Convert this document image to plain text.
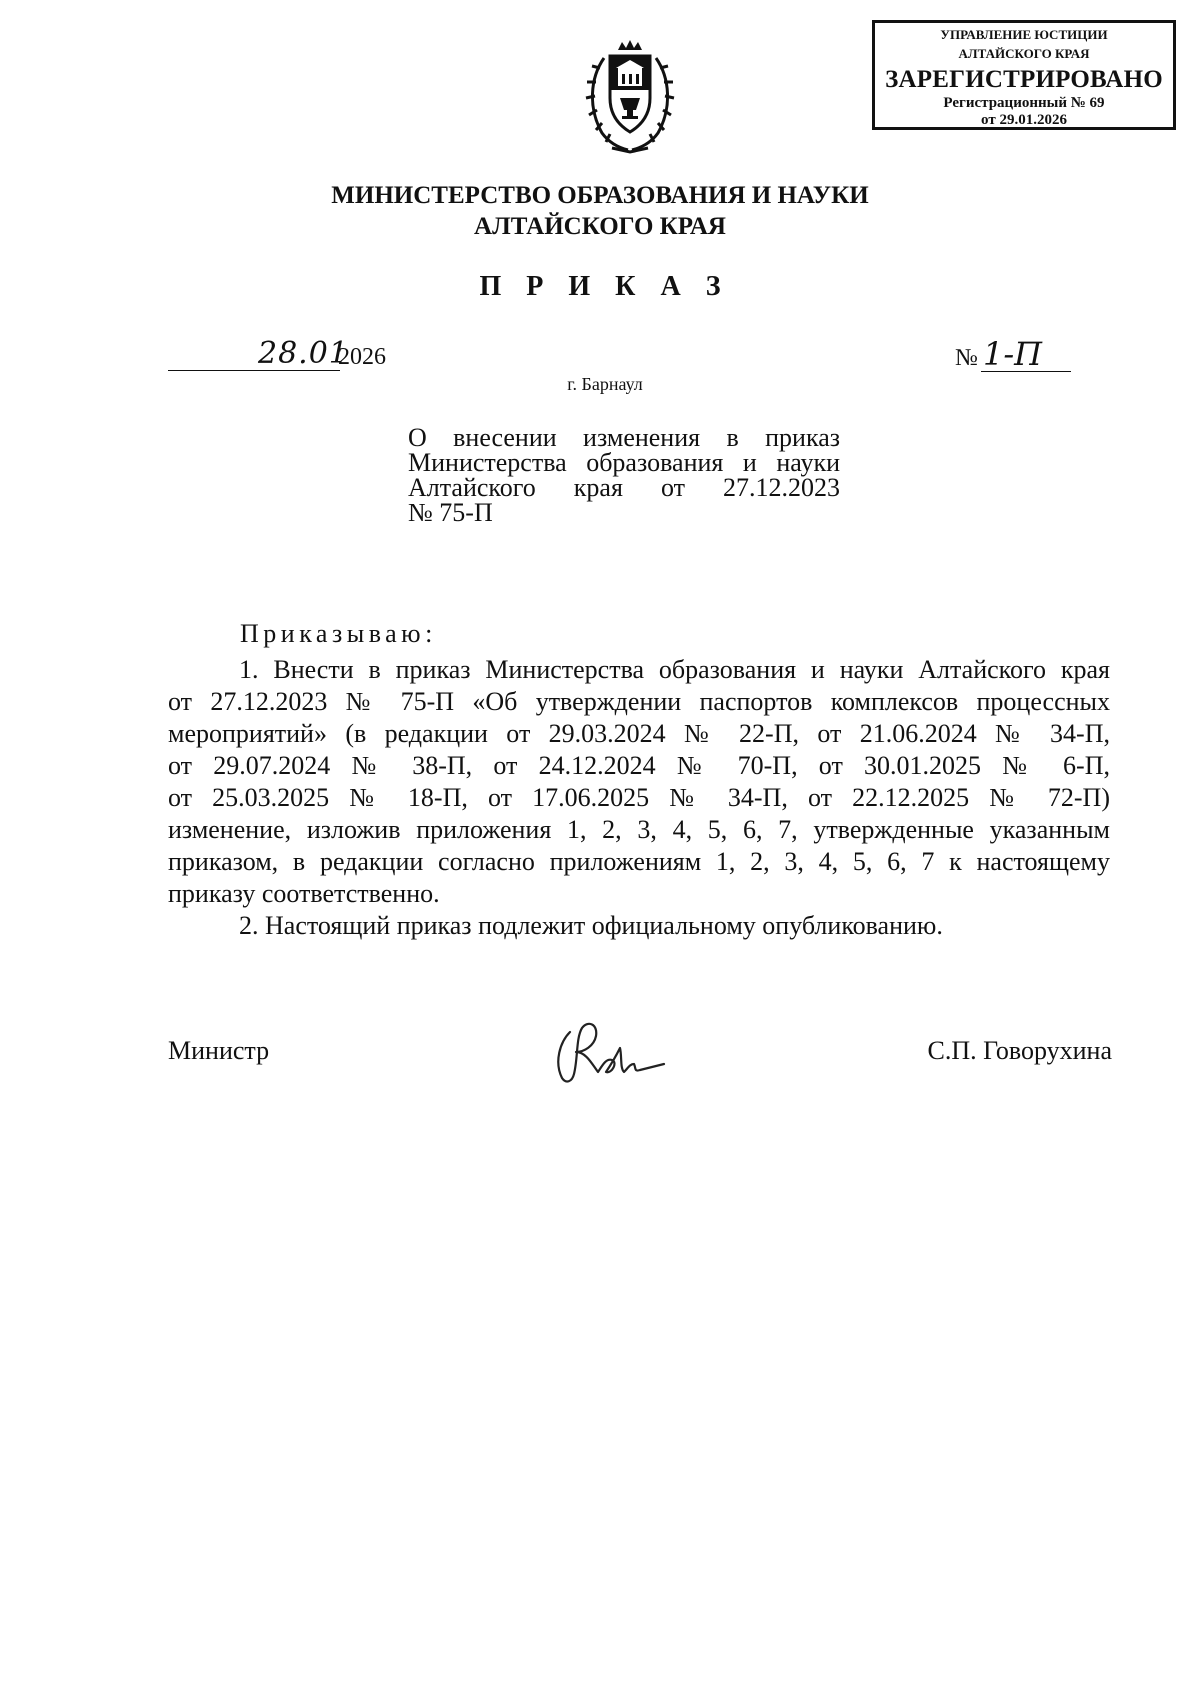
УПРАВЛЕНИЕ ЮСТИЦИИ
АЛТАЙСКОГО КРАЯ
ЗАРЕГИСТРИРОВАНО
Регистрационный № 69
от 29.01.2026
МИНИСТЕРСТВО ОБРАЗОВАНИЯ И НАУКИ
АЛТАЙСКОГО КРАЯ
П Р И К А З
28.01
2026	№ 1-П
г. Барнаул
О внесении изменения в приказ
Министерства образования и науки
Алтайского края от 27.12.2023
№ 75-П
Приказываю:
1. Внести в приказ Министерства образования и науки Алтайского края
от 27.12.2023 № 75-П «Об утверждении паспортов комплексов процессных
мероприятий» (в редакции от 29.03.2024 № 22-П, от 21.06.2024 № 34-П,
от 29.07.2024 № 38-П, от 24.12.2024 № 70-П, от 30.01.2025 № 6-П,
от 25.03.2025 № 18-П, от 17.06.2025 № 34-П, от 22.12.2025 № 72-П)
изменение, изложив приложения 1, 2, 3, 4, 5, 6, 7, утвержденные указанным
приказом, в редакции согласно приложениям 1, 2, 3, 4, 5, 6, 7 к настоящему
приказу соответственно.
2. Настоящий приказ подлежит официальному опубликованию.
Министр	С.П. Говорухина
